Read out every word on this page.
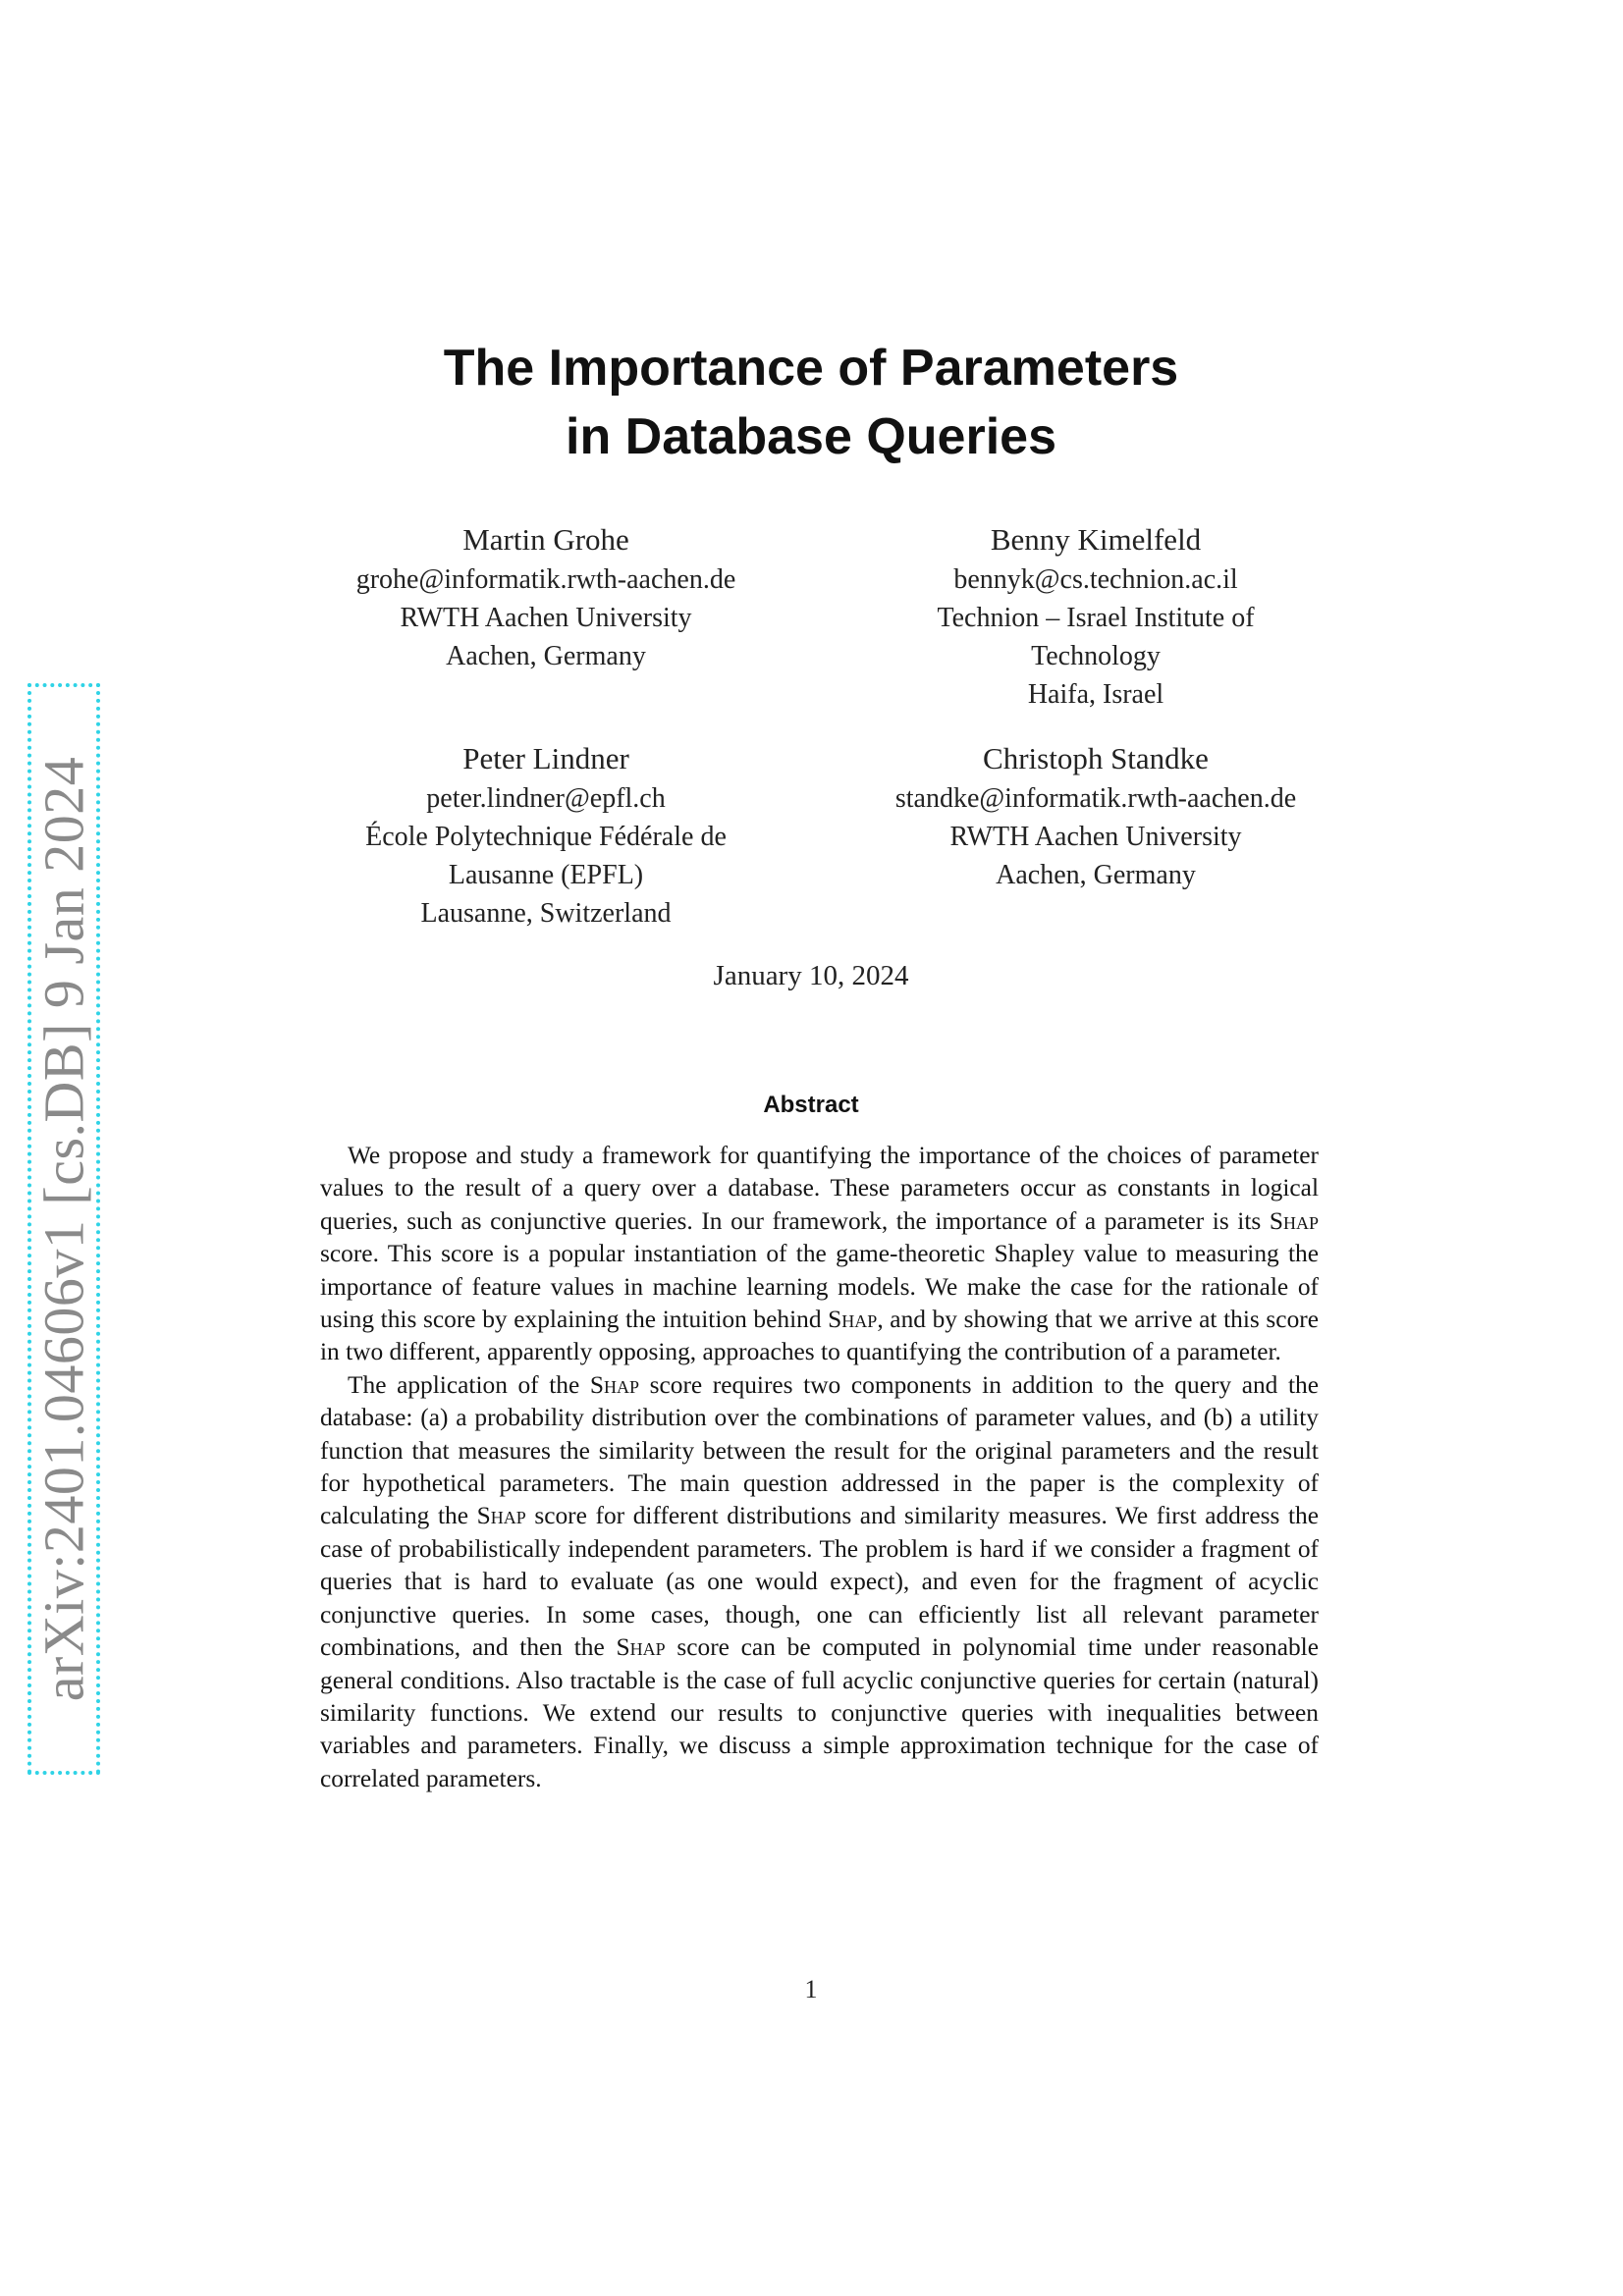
arXiv:2401.04606v1 [cs.DB] 9 Jan 2024
The Importance of Parameters
in Database Queries
Martin Grohe
grohe@informatik.rwth-aachen.de
RWTH Aachen University
Aachen, Germany
Benny Kimelfeld
bennyk@cs.technion.ac.il
Technion – Israel Institute of
Technology
Haifa, Israel
Peter Lindner
peter.lindner@epfl.ch
École Polytechnique Fédérale de
Lausanne (EPFL)
Lausanne, Switzerland
Christoph Standke
standke@informatik.rwth-aachen.de
RWTH Aachen University
Aachen, Germany
January 10, 2024
Abstract

We propose and study a framework for quantifying the importance of the choices of parameter values to the result of a query over a database. These parameters occur as constants in logical queries, such as conjunctive queries. In our framework, the importance of a parameter is its Shap score. This score is a popular instantiation of the game-theoretic Shapley value to measuring the importance of feature values in machine learning models. We make the case for the rationale of using this score by explaining the intuition behind Shap, and by showing that we arrive at this score in two different, apparently opposing, approaches to quantifying the contribution of a parameter.

The application of the Shap score requires two components in addition to the query and the database: (a) a probability distribution over the combinations of parameter values, and (b) a utility function that measures the similarity between the result for the original parameters and the result for hypothetical parameters. The main question addressed in the paper is the complexity of calculating the Shap score for different distributions and similarity measures. We first address the case of probabilistically independent parameters. The problem is hard if we consider a fragment of queries that is hard to evaluate (as one would expect), and even for the fragment of acyclic conjunctive queries. In some cases, though, one can efficiently list all relevant parameter combinations, and then the Shap score can be computed in polynomial time under reasonable general conditions. Also tractable is the case of full acyclic conjunctive queries for certain (natural) similarity functions. We extend our results to conjunctive queries with inequalities between variables and parameters. Finally, we discuss a simple approximation technique for the case of correlated parameters.

1
